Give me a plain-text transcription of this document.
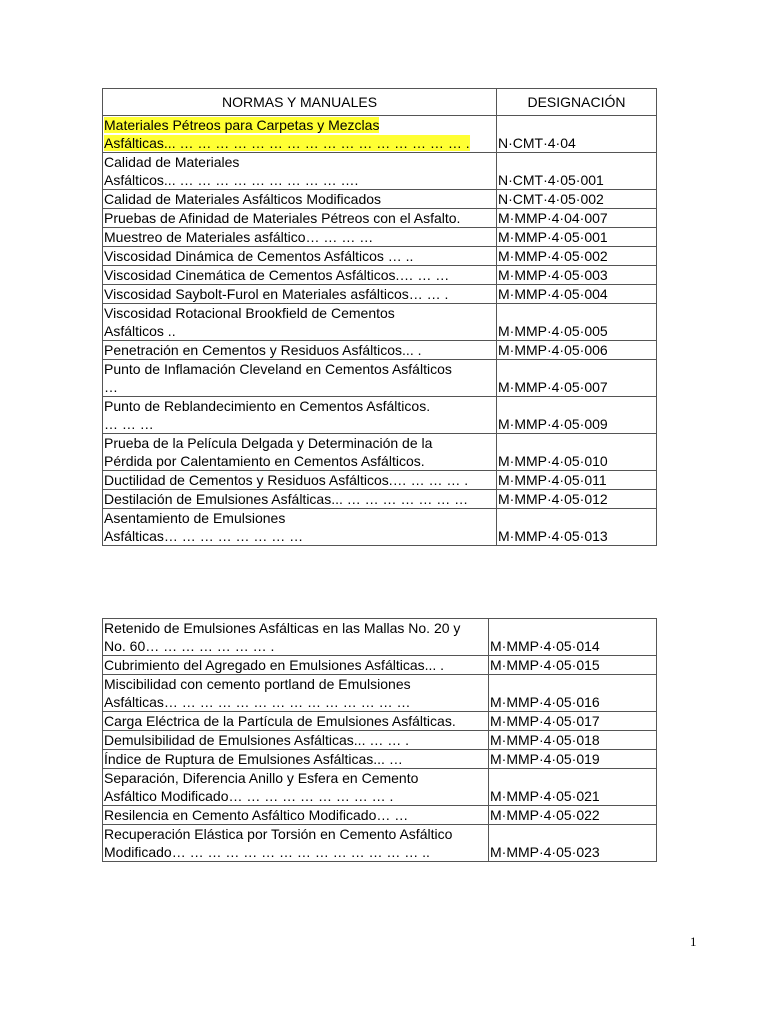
NORMAS Y MANUALES	DESIGNACIÓN
Materiales Pétreos para Carpetas y Mezclas
Asfálticas... … … … … … … … … … … … … … … … … .	N·CMT·4·04
Calidad de Materiales
Asfálticos... … … … … … … … … … ….	N·CMT·4·05·001
Calidad de Materiales Asfálticos Modificados	N·CMT·4·05·002
Pruebas de Afinidad de Materiales Pétreos con el Asfalto.	M·MMP·4·04·007
Muestreo de Materiales asfáltico… … … …	M·MMP·4·05·001
Viscosidad Dinámica de Cementos Asfálticos … ..	M·MMP·4·05·002
Viscosidad Cinemática de Cementos Asfálticos.… … …	M·MMP·4·05·003
Viscosidad Saybolt-Furol en Materiales asfálticos… … .	M·MMP·4·05·004
Viscosidad Rotacional Brookfield de Cementos
Asfálticos ..	M·MMP·4·05·005
Penetración en Cementos y Residuos Asfálticos... .	M·MMP·4·05·006
Punto de Inflamación Cleveland en Cementos Asfálticos
…	M·MMP·4·05·007
Punto de Reblandecimiento en Cementos Asfálticos.
… … …	M·MMP·4·05·009
Prueba de la Película Delgada y Determinación de la
Pérdida por Calentamiento en Cementos Asfálticos.	M·MMP·4·05·010
Ductilidad de Cementos y Residuos Asfálticos.… … … … .	M·MMP·4·05·011
Destilación de Emulsiones Asfálticas... … … … … … … …	M·MMP·4·05·012
Asentamiento de Emulsiones
Asfálticas… … … … … … … …	M·MMP·4·05·013
Retenido de Emulsiones Asfálticas en las Mallas No. 20 y
No. 60… … … … … … … .	M·MMP·4·05·014
Cubrimiento del Agregado en Emulsiones Asfálticas... .	M·MMP·4·05·015
Miscibilidad con cemento portland de Emulsiones
Asfálticas… … … … … … … … … … … … … …	M·MMP·4·05·016
Carga Eléctrica de la Partícula de Emulsiones Asfálticas.	M·MMP·4·05·017
Demulsibilidad de Emulsiones Asfálticas... … … .	M·MMP·4·05·018
Índice de Ruptura de Emulsiones Asfálticas... …	M·MMP·4·05·019
Separación, Diferencia Anillo y Esfera en Cemento
Asfáltico Modificado… … … … … … … … … .	M·MMP·4·05·021
Resilencia en Cemento Asfáltico Modificado… …	M·MMP·4·05·022
Recuperación Elástica por Torsión en Cemento Asfáltico
Modificado… … … … … … … … … … … … … … ..	M·MMP·4·05·023
1
